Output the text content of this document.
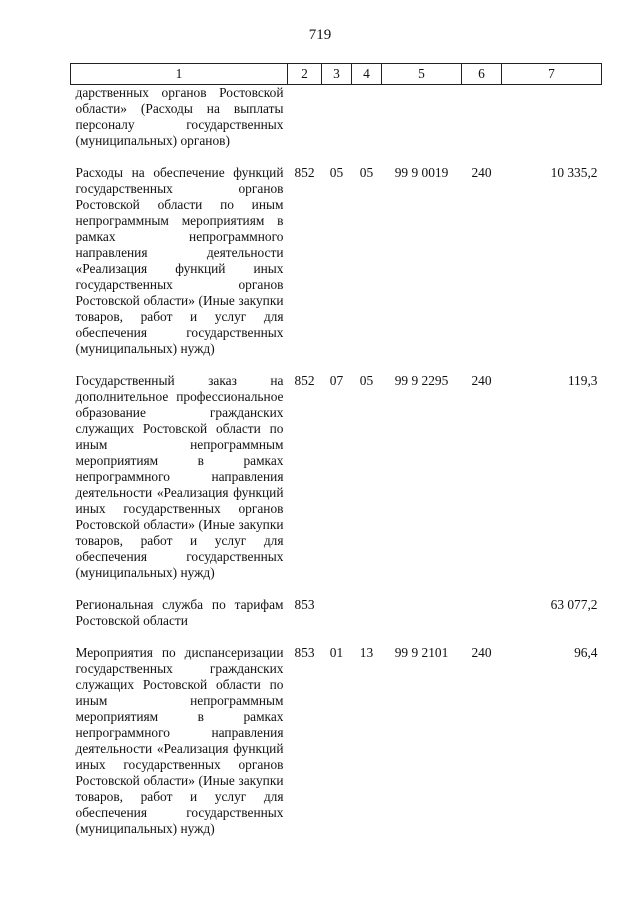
719
1	2	3	4	5	6	7
дарственных органов Ростовской области» (Расходы на выплаты персоналу государственных (муниципальных) органов)						

Расходы на обеспечение функций государственных органов Ростовской области по иным непрограммным мероприятиям в рамках непрограммного направления деятельности «Реализация функций иных государственных органов Ростовской области» (Иные закупки товаров, работ и услуг для обеспечения государственных (муниципальных) нужд)	852	05	05	99 9 0019	240	10 335,2

Государственный заказ на дополнительное профессиональное образование гражданских служащих Ростовской области по иным непрограммным мероприятиям в рамках непрограммного направления деятельности «Реализация функций иных государственных органов Ростовской области» (Иные закупки товаров, работ и услуг для обеспечения государственных (муниципальных) нужд)	852	07	05	99 9 2295	240	119,3

Региональная служба по тарифам Ростовской области	853					63 077,2

Мероприятия по диспансеризации государственных гражданских служащих Ростовской области по иным непрограммным мероприятиям в рамках непрограммного направления деятельности «Реализация функций иных государственных органов Ростовской области» (Иные закупки товаров, работ и услуг для обеспечения государственных (муниципальных) нужд)	853	01	13	99 9 2101	240	96,4
